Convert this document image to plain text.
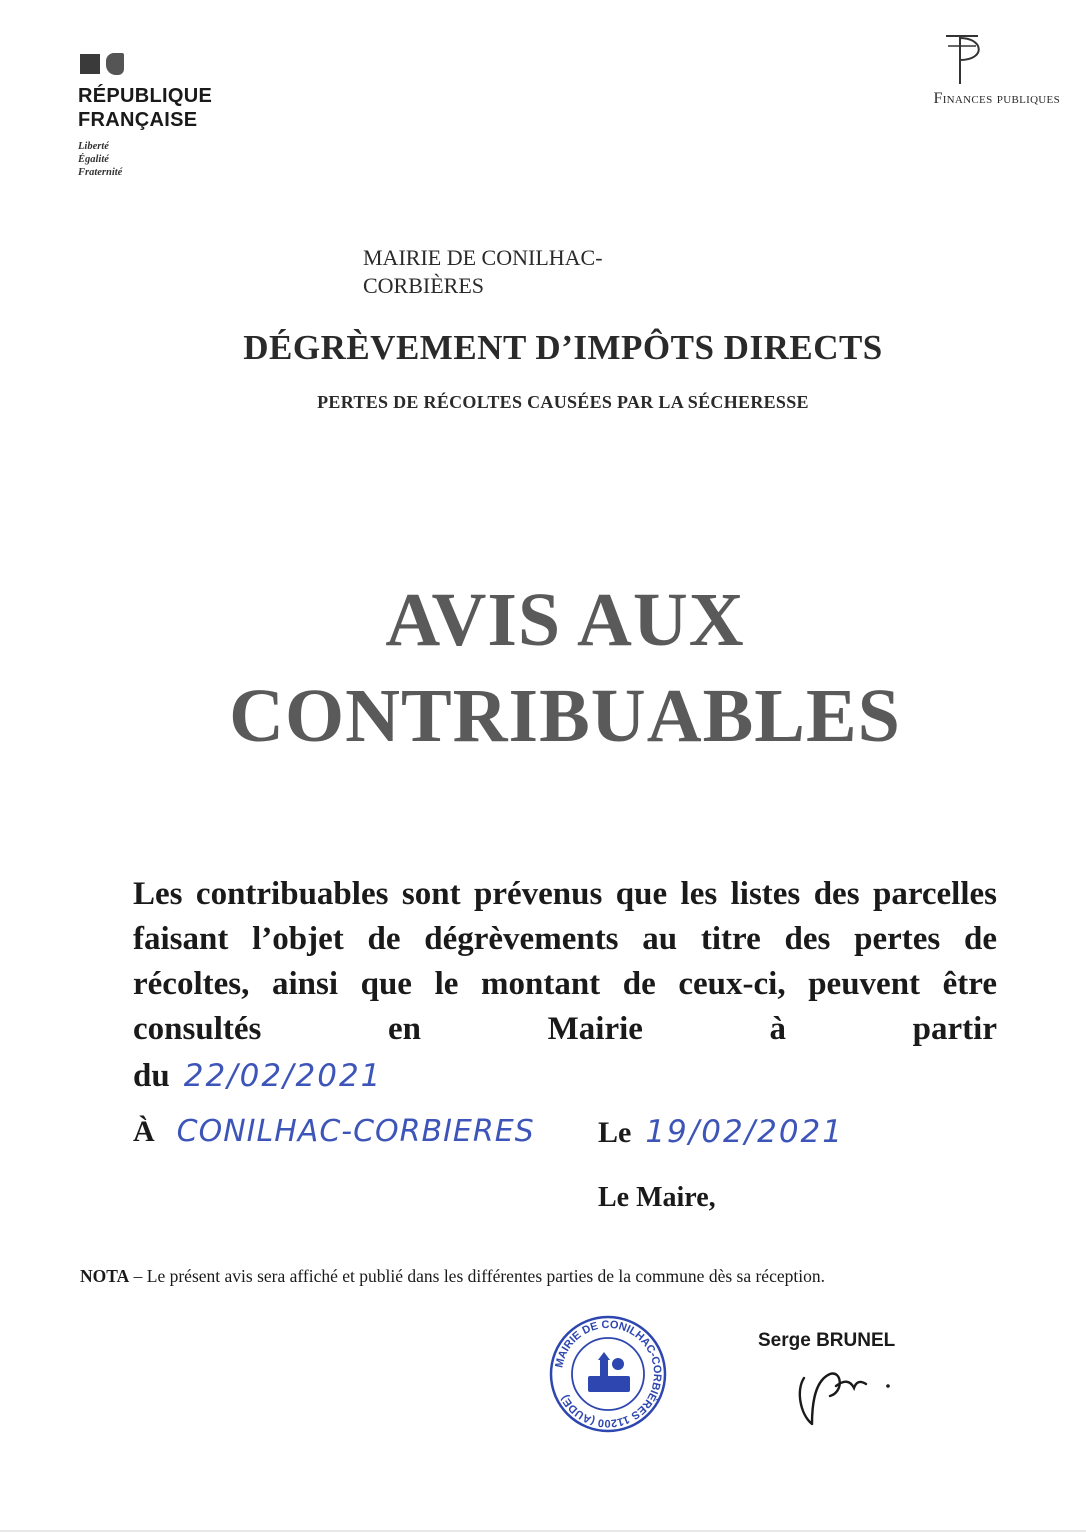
RÉPUBLIQUE
FRANÇAISE
Liberté
Égalité
Fraternité
Finances publiques
MAIRIE DE CONILHAC-CORBIÈRES
DÉGRÈVEMENT D’IMPÔTS DIRECTS
PERTES DE RÉCOLTES CAUSÉES PAR LA SÉCHERESSE
AVIS AUX
CONTRIBUABLES
Les contribuables sont prévenus que les listes des parcelles faisant l’objet de dégrèvements au titre des pertes de récoltes, ainsi que le montant de ceux-ci, peuvent être consultés en Mairie à partir
du 22/02/2021
À CONILHAC-CORBIERES Le 19/02/2021
Le Maire,
NOTA – Le présent avis sera affiché et publié dans les différentes parties de la commune dès sa réception.
MAIRIE DE CONILHAC-CORBIÈRES 11200 (AUDE)
Serge BRUNEL
